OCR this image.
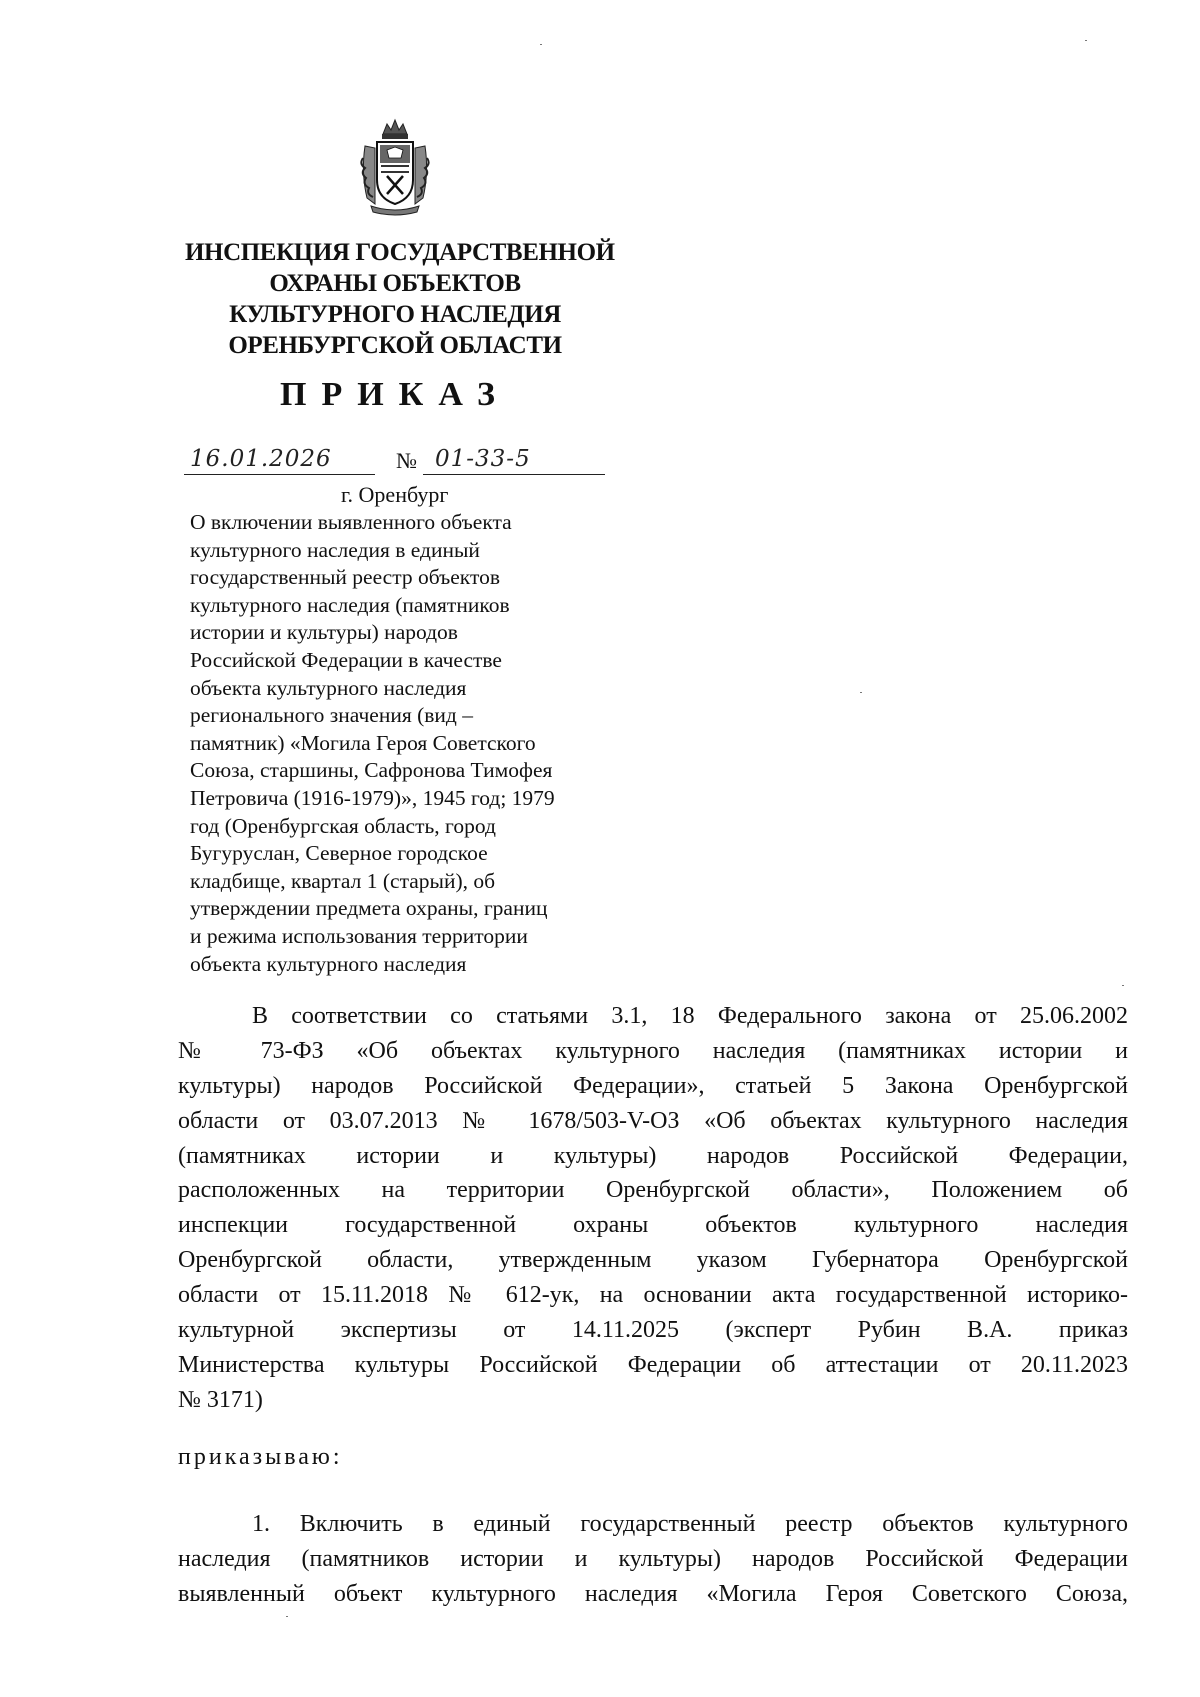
ИНСПЕКЦИЯ ГОСУДАРСТВЕННОЙ
ОХРАНЫ ОБЪЕКТОВ
КУЛЬТУРНОГО НАСЛЕДИЯ
ОРЕНБУРГСКОЙ ОБЛАСТИ
ПРИКАЗ
16.01.2026	№ 01-33-5
г. Оренбург
О включении выявленного объекта
культурного наследия в единый
государственный реестр объектов
культурного наследия (памятников
истории и культуры) народов
Российской Федерации в качестве
объекта культурного наследия
регионального значения (вид –
памятник) «Могила Героя Советского
Союза, старшины, Сафронова Тимофея
Петровича (1916-1979)», 1945 год; 1979
год (Оренбургская область, город
Бугуруслан, Северное городское
кладбище, квартал 1 (старый), об
утверждении предмета охраны, границ
и режима использования территории
объекта культурного наследия
В соответствии со статьями 3.1, 18 Федерального закона от 25.06.2002
№ 73-ФЗ «Об объектах культурного наследия (памятниках истории и
культуры) народов Российской Федерации», статьей 5 Закона Оренбургской
области от 03.07.2013 № 1678/503-V-ОЗ «Об объектах культурного наследия
(памятниках истории и культуры) народов Российской Федерации,
расположенных на территории Оренбургской области», Положением об
инспекции государственной охраны объектов культурного наследия
Оренбургской области, утвержденным указом Губернатора Оренбургской
области от 15.11.2018 № 612-ук, на основании акта государственной историко-
культурной экспертизы от 14.11.2025 (эксперт Рубин В.А. приказ
Министерства культуры Российской Федерации об аттестации от 20.11.2023
№ 3171)
приказываю:
1. Включить в единый государственный реестр объектов культурного
наследия (памятников истории и культуры) народов Российской Федерации
выявленный объект культурного наследия «Могила Героя Советского Союза,
